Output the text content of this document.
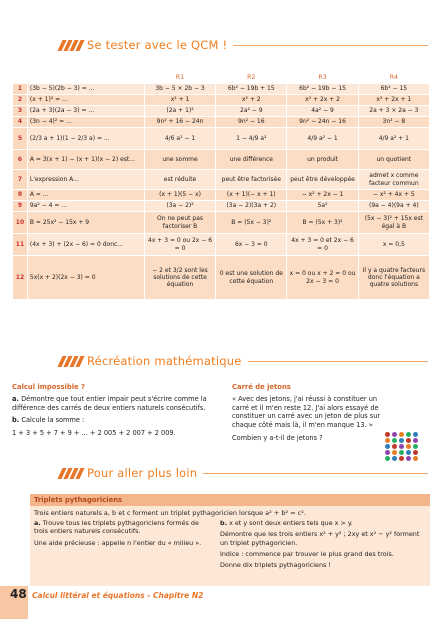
Se tester avec le QCM !
		R1	R2	R3	R4
1	(3b − 5)(2b − 3) = ...	3b − 5 × 2b − 3	6b² − 19b + 15	6b² − 19b − 15	6b² − 15
2	(x + 1)² = ...	x² + 1	x² + 2	x² + 2x + 2	x² + 2x + 1
3	(2a + 3)(2a − 3) = ...	(2a + 1)²	2a² − 9	4a² − 9	2a + 3 × 2a − 3
4	(3n − 4)² = ...	9n² + 16 − 24n	9n² − 16	9n² − 24n − 16	3n² − 8
5	(2/3 a + 1)(1 − 2/3 a) = ...	4/6 a² − 1	1 − 4/9 a²	4/9 a² − 1	4/9 a² + 1
6	A = 3(x + 1) − (x + 1)(x − 2) est...	une somme	une différence	un produit	un quotient
7	L'expression A...	est réduite	peut être factorisée	peut être développée	admet x comme facteur commun
8	A = ...	(x + 1)(5 − x)	(x + 1)(− x + 1)	− x² + 2x − 1	− x² + 4x + 5
9	9a² − 4 = ...	(3a − 2)²	(3a − 2)(3a + 2)	5a²	(9a − 4)(9a + 4)
10	B = 25x² − 15x + 9	On ne peut pas factoriser B	B = (5x − 3)²	B = (5x + 3)²	(5x − 3)² + 15x est égal à B
11	(4x + 3) + (2x − 6) = 0 donc...	4x + 3 = 0 ou 2x − 6 = 0	6x − 3 = 0	4x + 3 = 0 et 2x − 6 = 0	x = 0,5
12	5x(x + 2)(2x − 3) = 0	− 2 et 3/2 sont les solutions de cette équation	0 est une solution de cette équation	x = 0 ou x + 2 = 0 ou 2x − 3 = 0	Il y a quatre facteurs donc l'équation a quatre solutions
Récréation mathématique
Calcul impossible ?

a. Démontre que tout entier impair peut s'écrire comme la différence des carrés de deux entiers naturels consécutifs.

b. Calcule la somme :

1 + 3 + 5 + 7 + 9 + ... + 2 005 + 2 007 + 2 009.

Carré de jetons

« Avec des jetons, j'ai réussi à constituer un carré et il m'en reste 12. J'ai alors essayé de constituer un carré avec un jeton de plus sur chaque côté mais là, il m'en manque 13. »

Combien y a-t-il de jetons ?

Pour aller plus loin
Triplets pythagoriciens
Trois entiers naturels a, b et c forment un triplet pythagoricien lorsque a² + b² = c².

a. Trouve tous les triplets pythagoriciens formés de trois entiers naturels consécutifs.

Une aide précieuse : appelle n l'entier du « milieu ».

b. x et y sont deux entiers tels que x > y.

Démontre que les trois entiers x² + y² ; 2xy et x² − y² forment un triplet pythagoricien.

Indice : commence par trouver le plus grand des trois.

Donne dix triplets pythagoriciens !

48 Calcul littéral et équations - Chapitre N2
